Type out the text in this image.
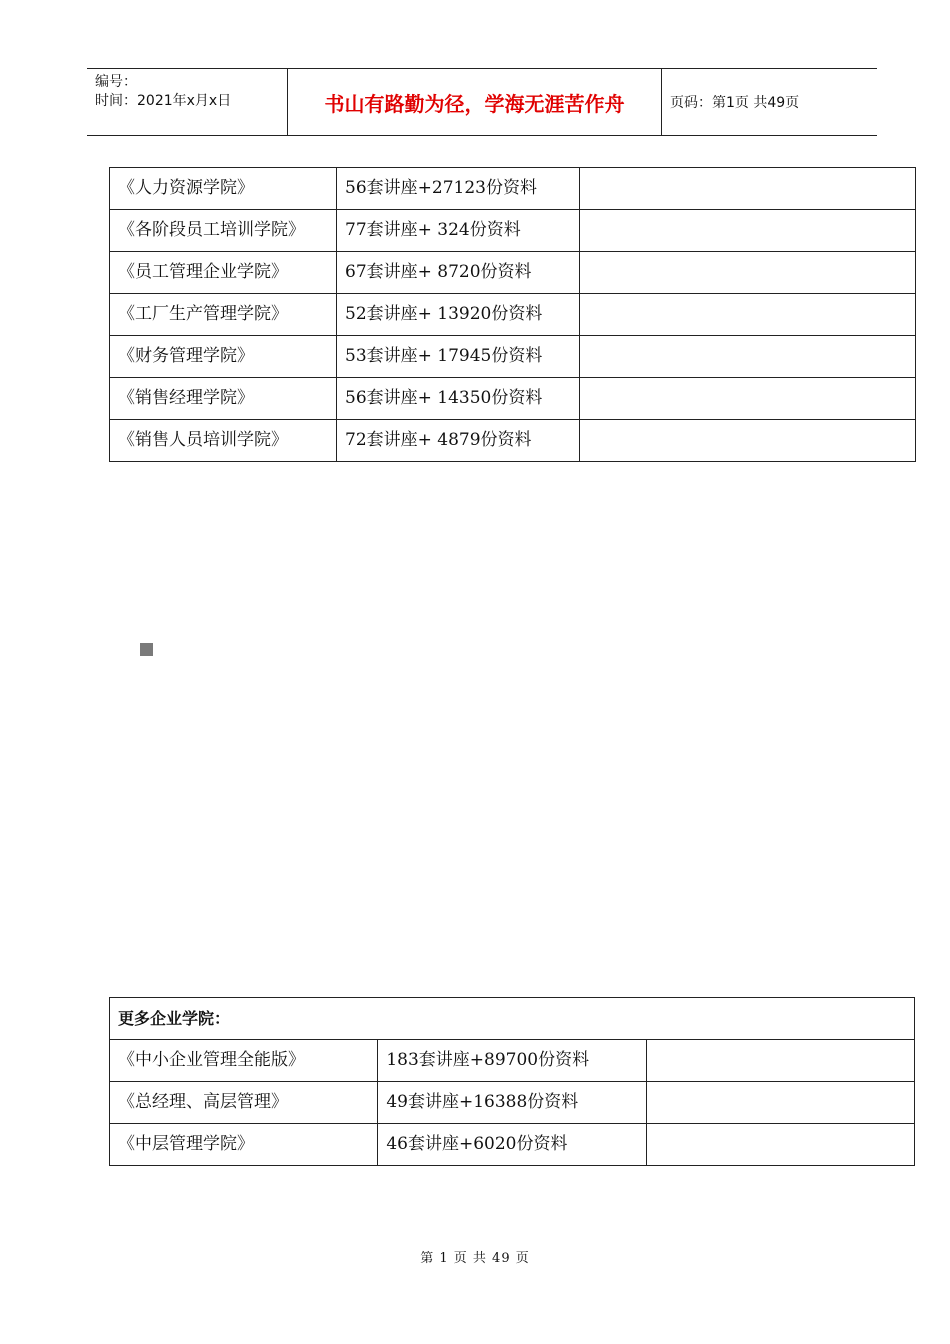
编号：
时间：2021年x月x日	书山有路勤为径，学海无涯苦作舟	页码：第1页 共49页
《人力资源学院》	56套讲座+27123份资料	
《各阶段员工培训学院》	77套讲座+ 324份资料	
《员工管理企业学院》	67套讲座+ 8720份资料	
《工厂生产管理学院》	52套讲座+ 13920份资料	
《财务管理学院》	53套讲座+ 17945份资料	
《销售经理学院》	56套讲座+ 14350份资料	
《销售人员培训学院》	72套讲座+ 4879份资料	
更多企业学院：		
《中小企业管理全能版》	183套讲座+89700份资料	
《总经理、高层管理》	49套讲座+16388份资料	
《中层管理学院》	46套讲座+6020份资料	
第 1 页 共 49 页
